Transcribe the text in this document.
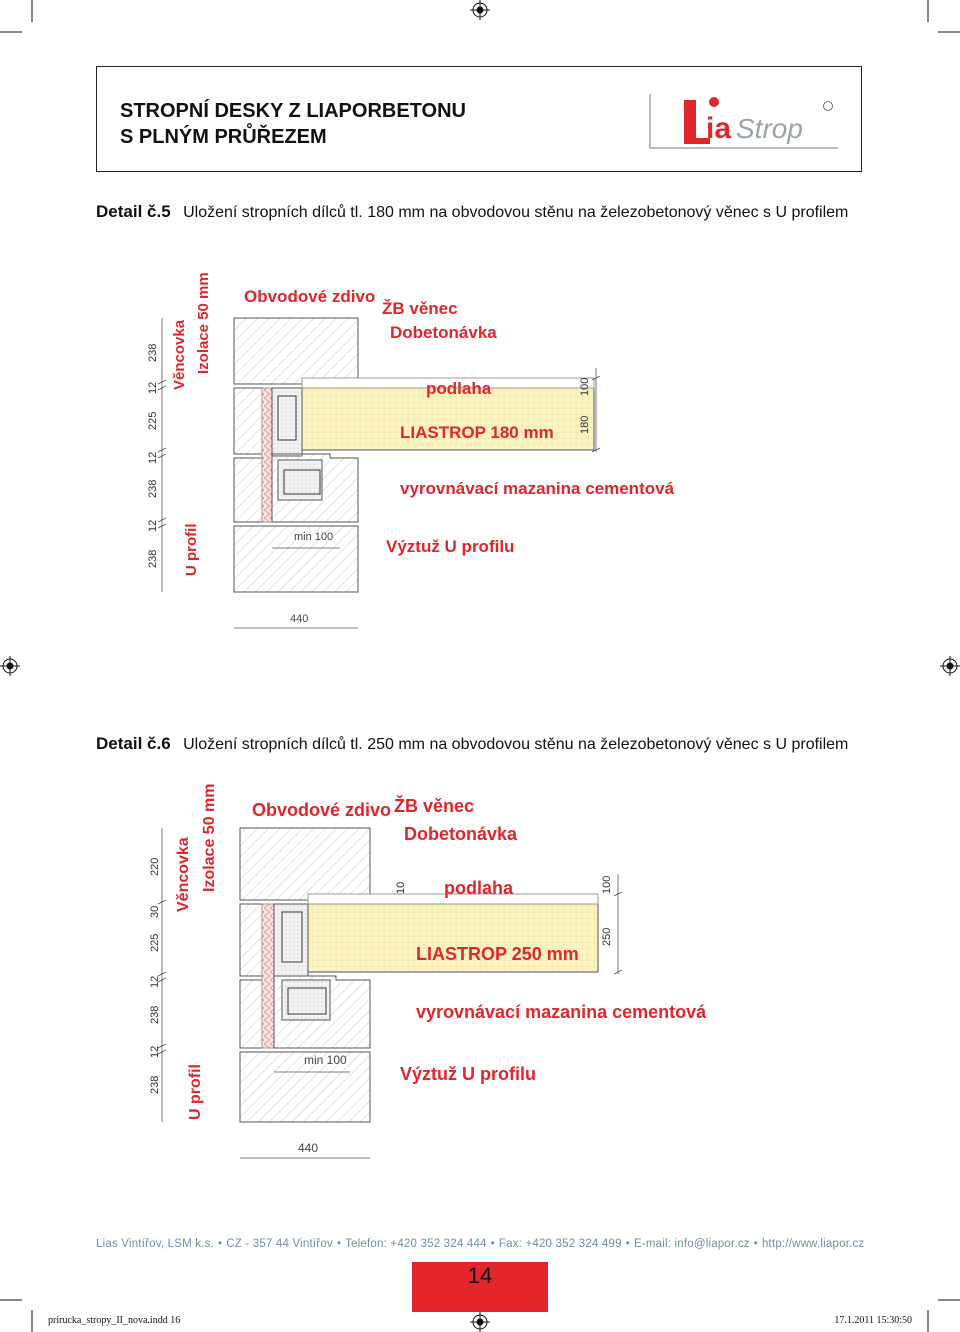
STROPNÍ DESKY Z LIAPORBETONU
S PLNÝM PRŮŘEZEM	ia Strop
Detail č.5 Uložení stropních dílců tl. 180 mm na obvodovou stěnu na železobetonový věnec s U profilem
238
12
225
12
238
12
238
Věncovka Izolace 50 mm
U profil
100
180
Obvodové zdivo
ŽB věnec
Dobetonávka
podlaha
LIASTROP 180 mm
vyrovnávací mazanina cementová
Výztuž U profilu
min 100
440
Detail č.6 Uložení stropních dílců tl. 250 mm na obvodovou stěnu na železobetonový věnec s U profilem
220
30
225
12
238
12
238
Věncovka Izolace 50 mm
U profil
10	100
250
Obvodové zdivo ŽB věnec
Dobetonávka
podlaha
LIASTROP 250 mm
vyrovnávací mazanina cementová
Výztuž U profilu
min 100
440
Lias Vintířov, LSM k.s. • CZ - 357 44 Vintířov • Telefon: +420 352 324 444 • Fax: +420 352 324 499 • E-mail: info@liapor.cz • http://www.liapor.cz
14
prirucka_stropy_II_nova.indd 16	17.1.2011 15:30:50
